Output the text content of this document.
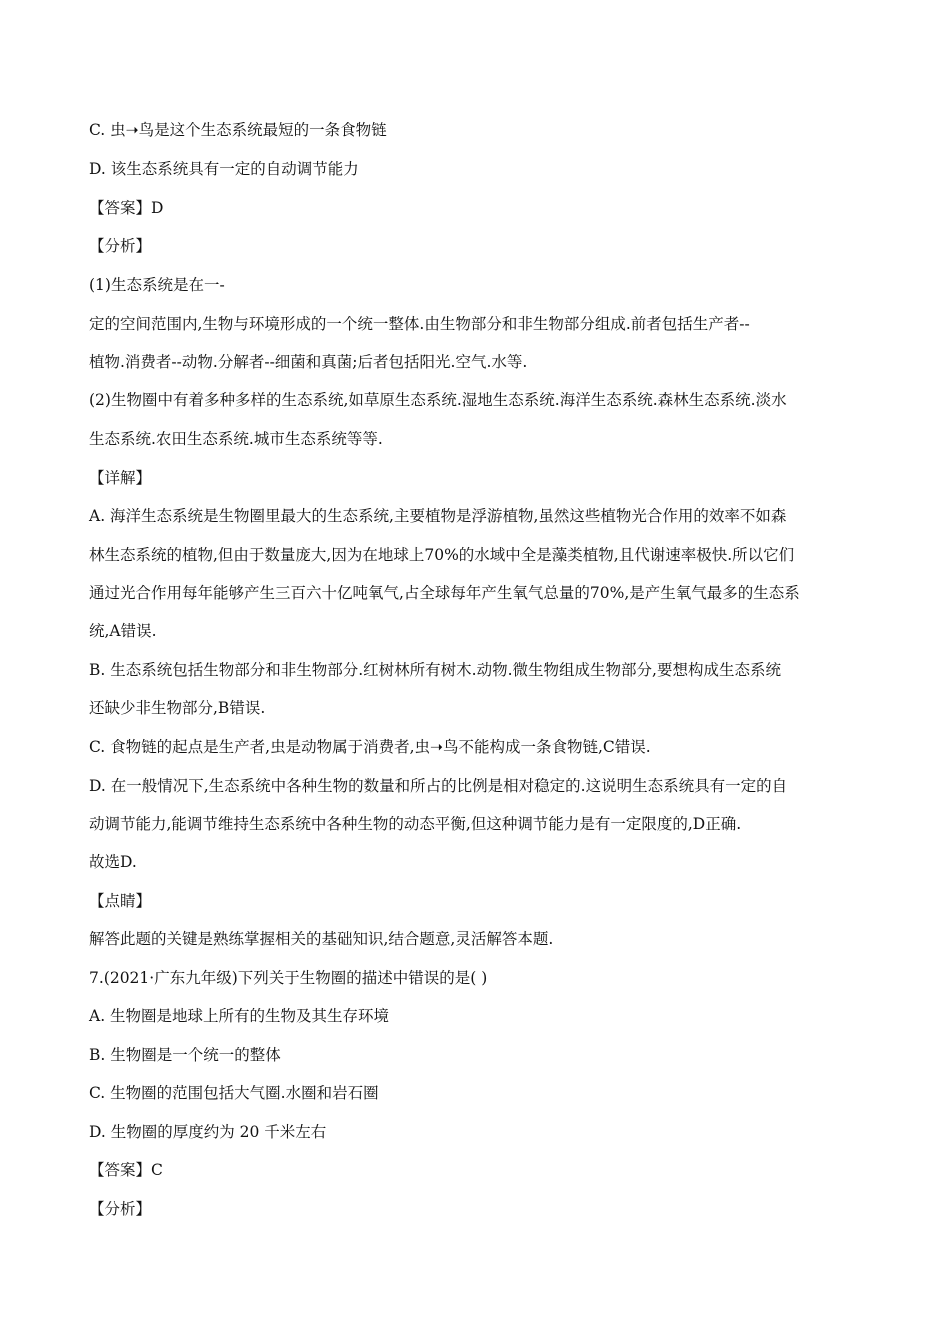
C. 虫➝鸟是这个生态系统最短的一条食物链
D. 该生态系统具有一定的自动调节能力
【答案】D
【分析】
(1)生态系统是在一-
定的空间范围内,生物与环境形成的一个统一整体.由生物部分和非生物部分组成.前者包括生产者--
植物.消费者--动物.分解者--细菌和真菌;后者包括阳光.空气.水等.
(2)生物圈中有着多种多样的生态系统,如草原生态系统.湿地生态系统.海洋生态系统.森林生态系统.淡水
生态系统.农田生态系统.城市生态系统等等.
【详解】
A. 海洋生态系统是生物圈里最大的生态系统,主要植物是浮游植物,虽然这些植物光合作用的效率不如森
林生态系统的植物,但由于数量庞大,因为在地球上70%的水域中全是藻类植物,且代谢速率极快.所以它们
通过光合作用每年能够产生三百六十亿吨氧气,占全球每年产生氧气总量的70%,是产生氧气最多的生态系
统,A错误.
B. 生态系统包括生物部分和非生物部分.红树林所有树木.动物.微生物组成生物部分,要想构成生态系统
还缺少非生物部分,B错误.
C. 食物链的起点是生产者,虫是动物属于消费者,虫➝鸟不能构成一条食物链,C错误.
D. 在一般情况下,生态系统中各种生物的数量和所占的比例是相对稳定的.这说明生态系统具有一定的自
动调节能力,能调节维持生态系统中各种生物的动态平衡,但这种调节能力是有一定限度的,D正确.
故选D.
【点睛】
解答此题的关键是熟练掌握相关的基础知识,结合题意,灵活解答本题.
7.(2021·广东九年级)下列关于生物圈的描述中错误的是( )
A. 生物圈是地球上所有的生物及其生存环境
B. 生物圈是一个统一的整体
C. 生物圈的范围包括大气圈.水圈和岩石圈
D. 生物圈的厚度约为 20 千米左右
【答案】C
【分析】
